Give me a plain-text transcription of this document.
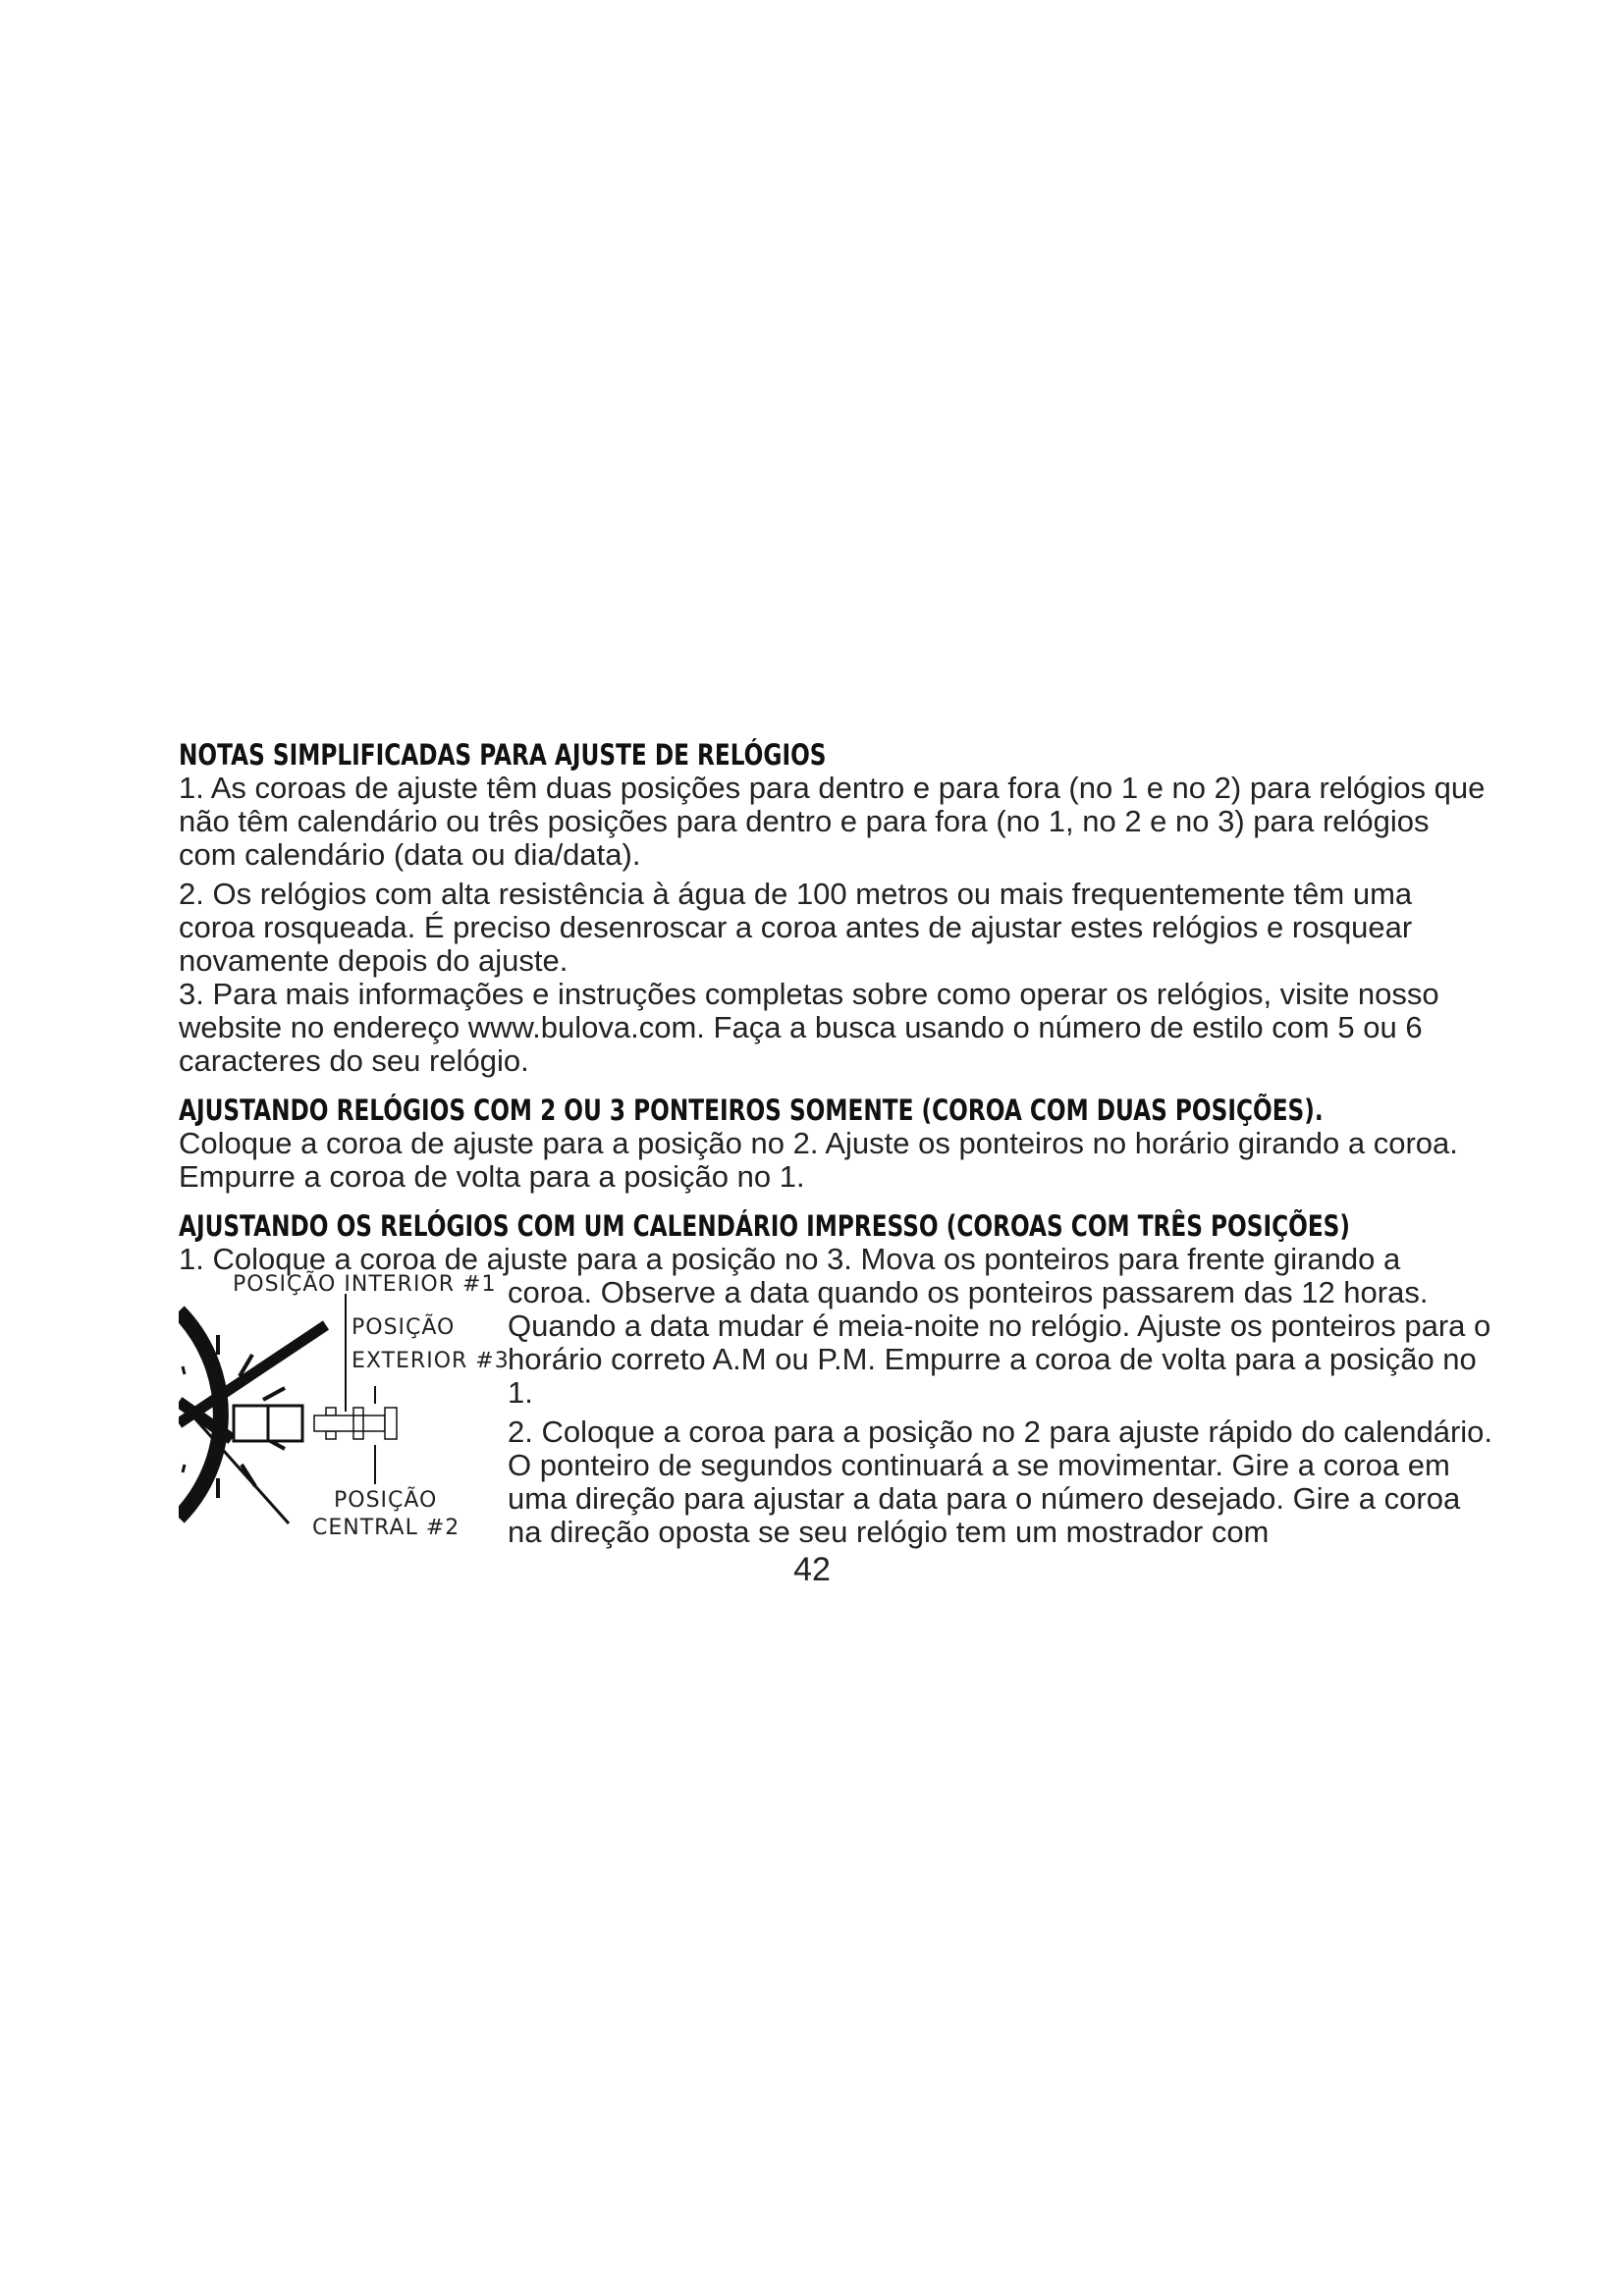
NOTAS SIMPLIFICADAS PARA AJUSTE DE RELÓGIOS

1. As coroas de ajuste têm duas posições para dentro e para fora (no 1 e no 2) para relógios que não têm calendário ou três posições para dentro e para fora (no 1, no 2 e no 3) para relógios com calendário (data ou dia/data).

2. Os relógios com alta resistência à água de 100 metros ou mais frequentemente têm uma coroa rosqueada. É preciso desenroscar a coroa antes de ajustar estes relógios e rosquear novamente depois do ajuste.

3. Para mais informações e instruções completas sobre como operar os relógios, visite nosso website no endereço www.bulova.com. Faça a busca usando o número de estilo com 5 ou 6 caracteres do seu relógio.

AJUSTANDO RELÓGIOS COM 2 OU 3 PONTEIROS SOMENTE (COROA COM DUAS POSIÇÕES).

Coloque a coroa de ajuste para a posição no 2. Ajuste os ponteiros no horário girando a coroa. Empurre a coroa de volta para a posição no 1.

AJUSTANDO OS RELÓGIOS COM UM CALENDÁRIO IMPRESSO (COROAS COM TRÊS POSIÇÕES)

1. Coloque a coroa de ajuste para a posição no 3. Mova os ponteiros para frente girando a

POSIÇÃO INTERIOR #1
POSIÇÃO
EXTERIOR #3
POSIÇÃO
CENTRAL #2

coroa. Observe a data quando os ponteiros passarem das 12 horas. Quando a data mudar é meia-noite no relógio. Ajuste os ponteiros para o horário correto A.M ou P.M. Empurre a coroa de volta para a posição no 1.

2. Coloque a coroa para a posição no 2 para ajuste rápido do calendário. O ponteiro de segundos continuará a se movimentar. Gire a coroa em uma direção para ajustar a data para o número desejado. Gire a coroa na direção oposta se seu relógio tem um mostrador com

42
